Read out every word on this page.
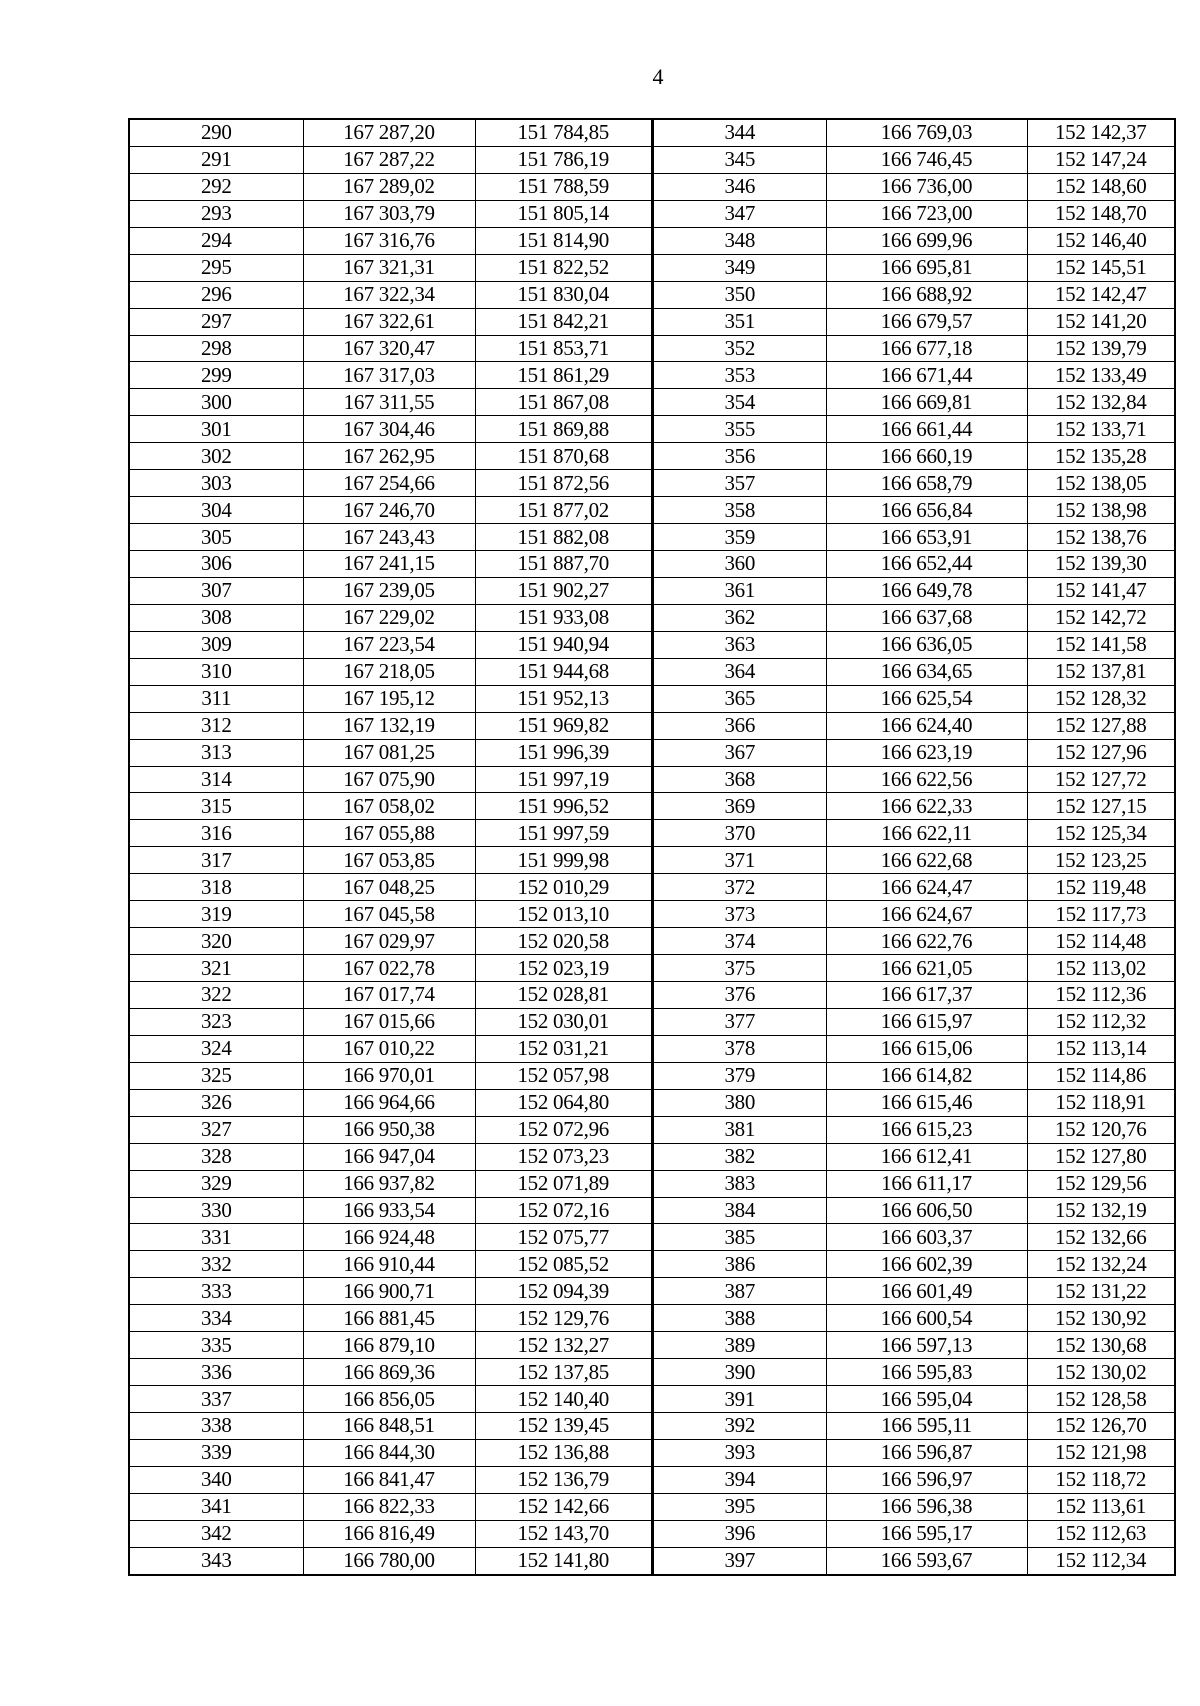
4
290	167 287,20	151 784,85
291	167 287,22	151 786,19
292	167 289,02	151 788,59
293	167 303,79	151 805,14
294	167 316,76	151 814,90
295	167 321,31	151 822,52
296	167 322,34	151 830,04
297	167 322,61	151 842,21
298	167 320,47	151 853,71
299	167 317,03	151 861,29
300	167 311,55	151 867,08
301	167 304,46	151 869,88
302	167 262,95	151 870,68
303	167 254,66	151 872,56
304	167 246,70	151 877,02
305	167 243,43	151 882,08
306	167 241,15	151 887,70
307	167 239,05	151 902,27
308	167 229,02	151 933,08
309	167 223,54	151 940,94
310	167 218,05	151 944,68
311	167 195,12	151 952,13
312	167 132,19	151 969,82
313	167 081,25	151 996,39
314	167 075,90	151 997,19
315	167 058,02	151 996,52
316	167 055,88	151 997,59
317	167 053,85	151 999,98
318	167 048,25	152 010,29
319	167 045,58	152 013,10
320	167 029,97	152 020,58
321	167 022,78	152 023,19
322	167 017,74	152 028,81
323	167 015,66	152 030,01
324	167 010,22	152 031,21
325	166 970,01	152 057,98
326	166 964,66	152 064,80
327	166 950,38	152 072,96
328	166 947,04	152 073,23
329	166 937,82	152 071,89
330	166 933,54	152 072,16
331	166 924,48	152 075,77
332	166 910,44	152 085,52
333	166 900,71	152 094,39
334	166 881,45	152 129,76
335	166 879,10	152 132,27
336	166 869,36	152 137,85
337	166 856,05	152 140,40
338	166 848,51	152 139,45
339	166 844,30	152 136,88
340	166 841,47	152 136,79
341	166 822,33	152 142,66
342	166 816,49	152 143,70
343	166 780,00	152 141,80
344	166 769,03	152 142,37
345	166 746,45	152 147,24
346	166 736,00	152 148,60
347	166 723,00	152 148,70
348	166 699,96	152 146,40
349	166 695,81	152 145,51
350	166 688,92	152 142,47
351	166 679,57	152 141,20
352	166 677,18	152 139,79
353	166 671,44	152 133,49
354	166 669,81	152 132,84
355	166 661,44	152 133,71
356	166 660,19	152 135,28
357	166 658,79	152 138,05
358	166 656,84	152 138,98
359	166 653,91	152 138,76
360	166 652,44	152 139,30
361	166 649,78	152 141,47
362	166 637,68	152 142,72
363	166 636,05	152 141,58
364	166 634,65	152 137,81
365	166 625,54	152 128,32
366	166 624,40	152 127,88
367	166 623,19	152 127,96
368	166 622,56	152 127,72
369	166 622,33	152 127,15
370	166 622,11	152 125,34
371	166 622,68	152 123,25
372	166 624,47	152 119,48
373	166 624,67	152 117,73
374	166 622,76	152 114,48
375	166 621,05	152 113,02
376	166 617,37	152 112,36
377	166 615,97	152 112,32
378	166 615,06	152 113,14
379	166 614,82	152 114,86
380	166 615,46	152 118,91
381	166 615,23	152 120,76
382	166 612,41	152 127,80
383	166 611,17	152 129,56
384	166 606,50	152 132,19
385	166 603,37	152 132,66
386	166 602,39	152 132,24
387	166 601,49	152 131,22
388	166 600,54	152 130,92
389	166 597,13	152 130,68
390	166 595,83	152 130,02
391	166 595,04	152 128,58
392	166 595,11	152 126,70
393	166 596,87	152 121,98
394	166 596,97	152 118,72
395	166 596,38	152 113,61
396	166 595,17	152 112,63
397	166 593,67	152 112,34
